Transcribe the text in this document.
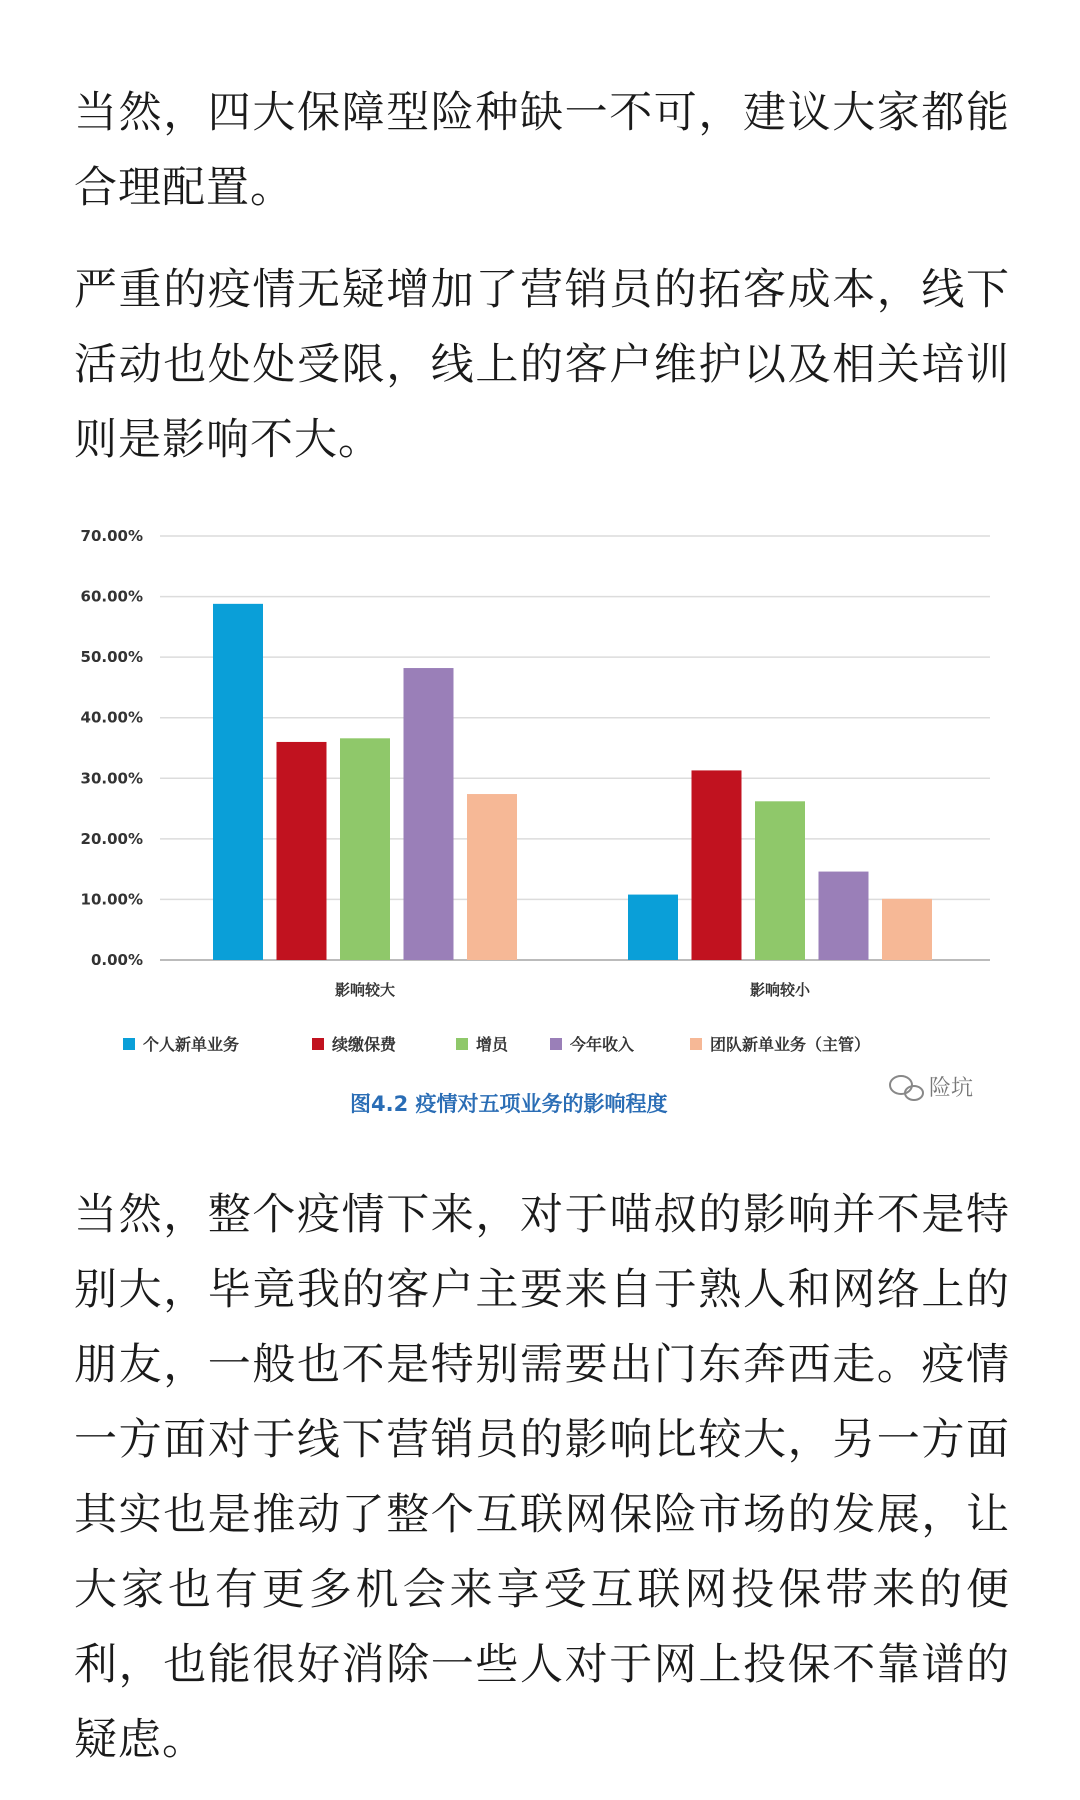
当然，四大保障型险种缺一不可，建议大家都能合理配置。

严重的疫情无疑增加了营销员的拓客成本，线下活动也处处受限，线上的客户维护以及相关培训则是影响不大。

0.00%
10.00%
20.00%
30.00%
40.00%
50.00%
60.00%
70.00%
影响较大	影响较小
个人新单业务	续缴保费	增员	今年收入	团队新单业务（主管）
图4.2 疫情对五项业务的影响程度
险坑

当然，整个疫情下来，对于喵叔的影响并不是特别大，毕竟我的客户主要来自于熟人和网络上的朋友，一般也不是特别需要出门东奔西走。疫情一方面对于线下营销员的影响比较大，另一方面其实也是推动了整个互联网保险市场的发展，让大家也有更多机会来享受互联网投保带来的便利，也能很好消除一些人对于网上投保不靠谱的疑虑。
